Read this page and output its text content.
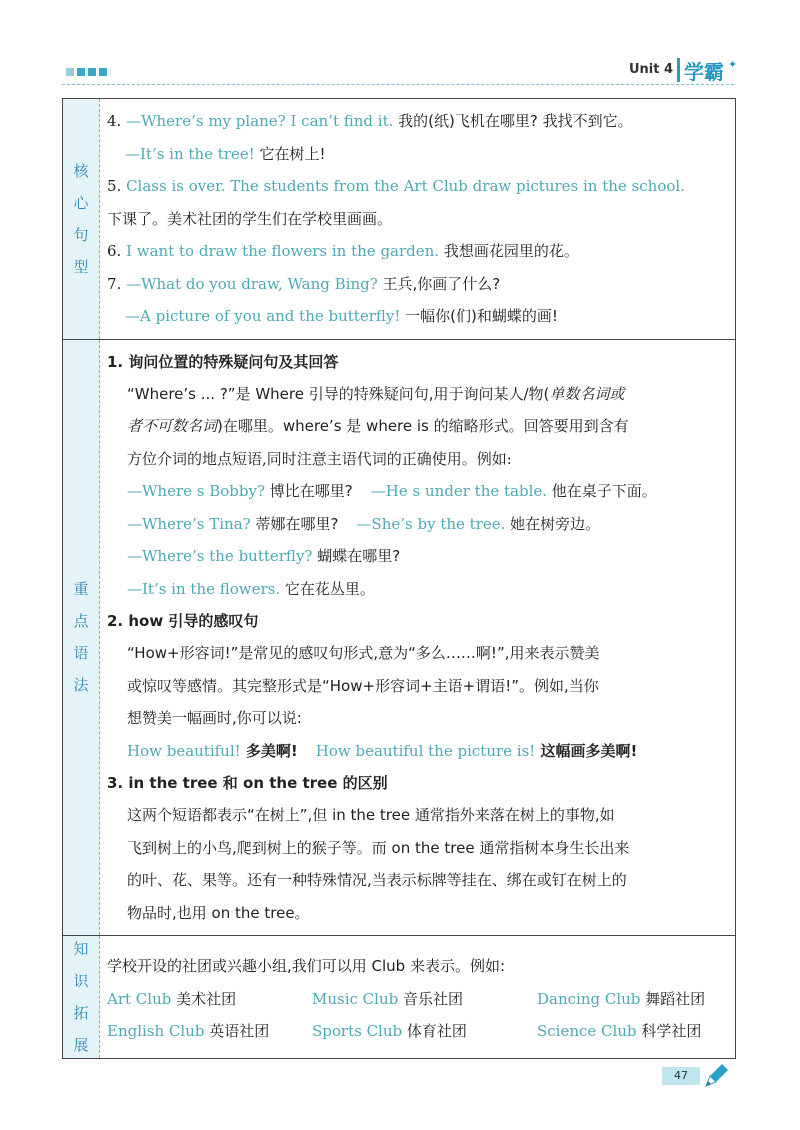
Unit 4 学霸 ✦
核
心
句
型
4. —Where’s my plane? I can’t find it. 我的(纸)飞机在哪里? 我找不到它。
—It’s in the tree! 它在树上!
5. Class is over. The students from the Art Club draw pictures in the school.
下课了。美术社团的学生们在学校里画画。
6. I want to draw the flowers in the garden. 我想画花园里的花。
7. —What do you draw, Wang Bing? 王兵,你画了什么?
—A picture of you and the butterfly! 一幅你(们)和蝴蝶的画!
重
点
语
法
1. 询问位置的特殊疑问句及其回答
“Where’s ... ?”是 Where 引导的特殊疑问句,用于询问某人/物(单数名词或
者不可数名词)在哪里。where’s 是 where is 的缩略形式。回答要用到含有
方位介词的地点短语,同时注意主语代词的正确使用。例如:
—Where s Bobby? 博比在哪里? —He s under the table. 他在桌子下面。
—Where’s Tina? 蒂娜在哪里? —She’s by the tree. 她在树旁边。
—Where’s the butterfly? 蝴蝶在哪里?
—It’s in the flowers. 它在花丛里。
2. how 引导的感叹句
“How+形容词!”是常见的感叹句形式,意为“多么……啊!”,用来表示赞美
或惊叹等感情。其完整形式是“How+形容词+主语+谓语!”。例如,当你
想赞美一幅画时,你可以说:
How beautiful! 多美啊! How beautiful the picture is! 这幅画多美啊!
3. in the tree 和 on the tree 的区别
这两个短语都表示“在树上”,但 in the tree 通常指外来落在树上的事物,如
飞到树上的小鸟,爬到树上的猴子等。而 on the tree 通常指树本身生长出来
的叶、花、果等。还有一种特殊情况,当表示标牌等挂在、绑在或钉在树上的
物品时,也用 on the tree。
知
识
拓
展
学校开设的社团或兴趣小组,我们可以用 Club 来表示。例如:
Art Club 美术社团	Music Club 音乐社团	Dancing Club 舞蹈社团
English Club 英语社团	Sports Club 体育社团	Science Club 科学社团
47
